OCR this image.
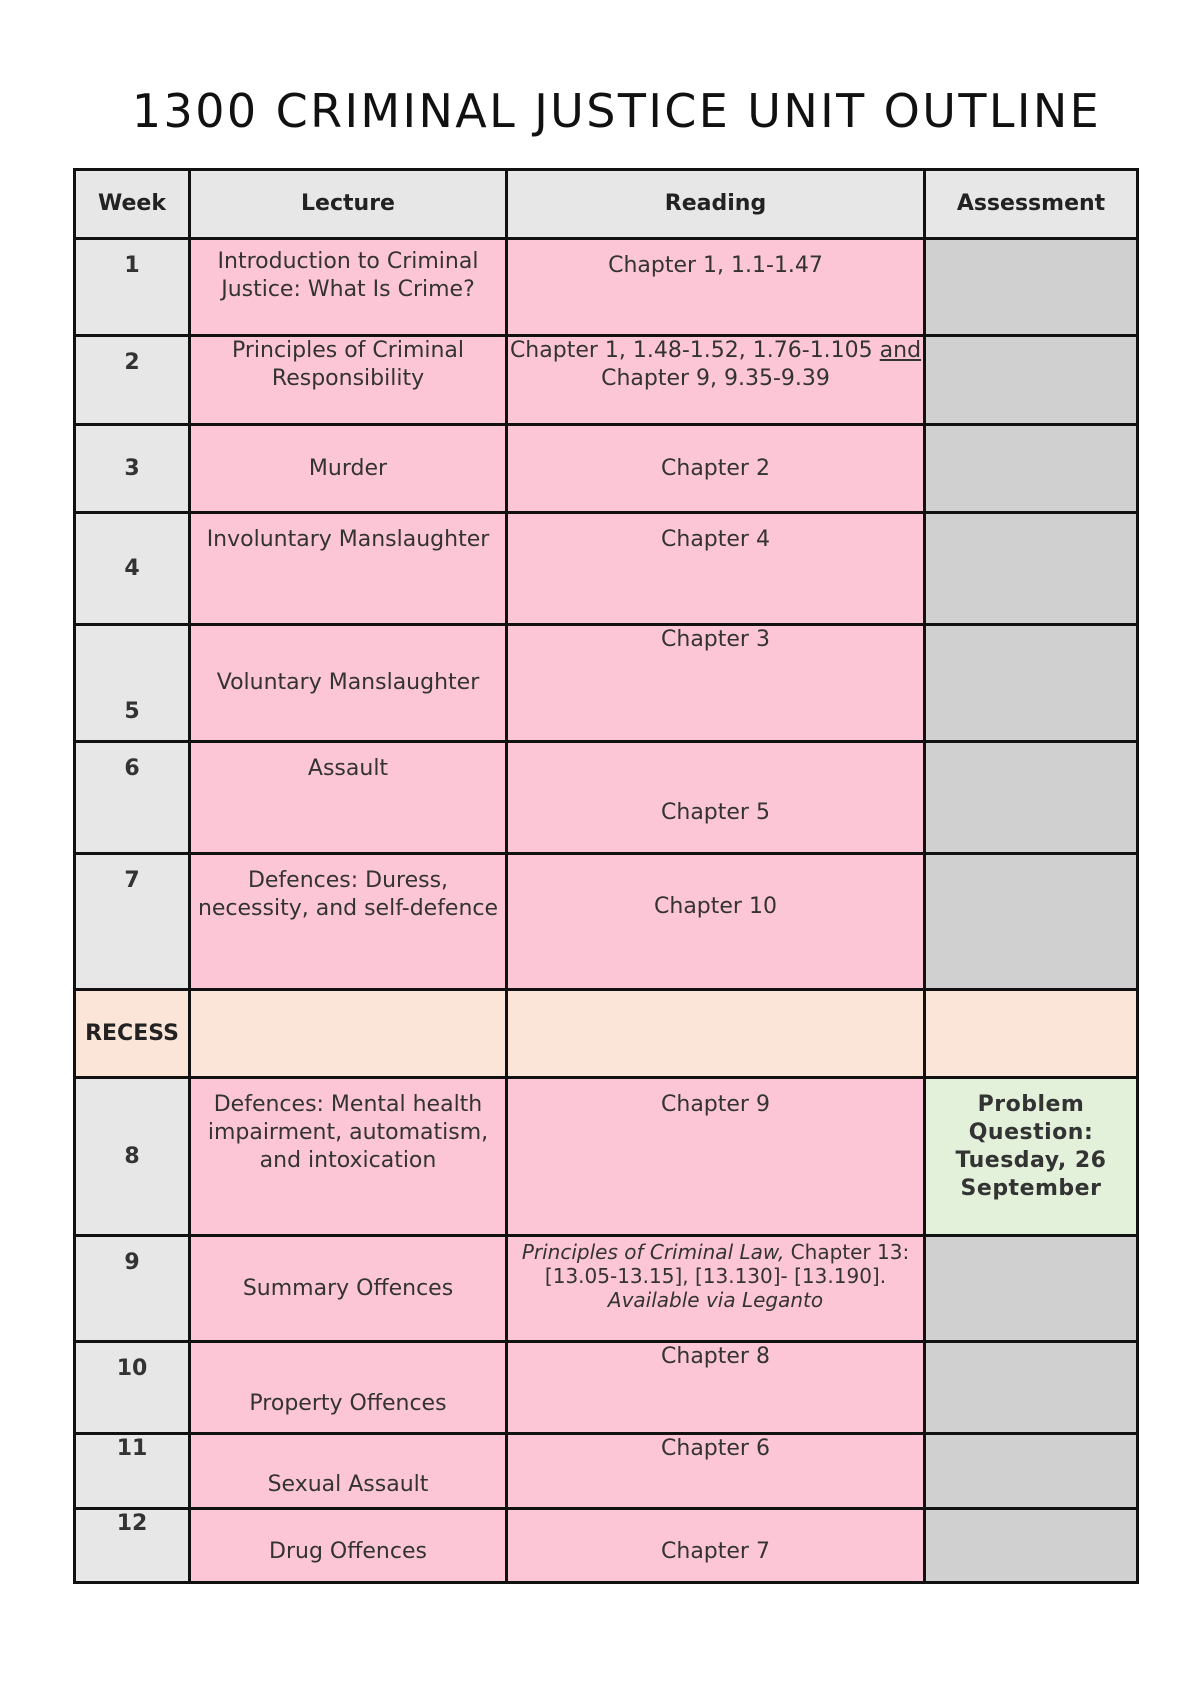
1300 CRIMINAL JUSTICE UNIT OUTLINE
Week	Lecture	Reading	Assessment
1	Introduction to Criminal Justice: What Is Crime?	Chapter 1, 1.1-1.47	
2	Principles of Criminal Responsibility	Chapter 1, 1.48-1.52, 1.76-1.105 and Chapter 9, 9.35-9.39	
3	Murder	Chapter 2	
4	Involuntary Manslaughter	Chapter 4	
5	Voluntary Manslaughter	Chapter 3	
6	Assault	Chapter 5	
7	Defences: Duress, necessity, and self-defence	Chapter 10	
RECESS			
8	Defences: Mental health impairment, automatism, and intoxication	Chapter 9	Problem Question: Tuesday, 26 September
9	Summary Offences	Principles of Criminal Law, Chapter 13: [13.05-13.15], [13.130]- [13.190].
Available via Leganto	
10	Property Offences	Chapter 8	
11	Sexual Assault	Chapter 6	
12	Drug Offences	Chapter 7	
